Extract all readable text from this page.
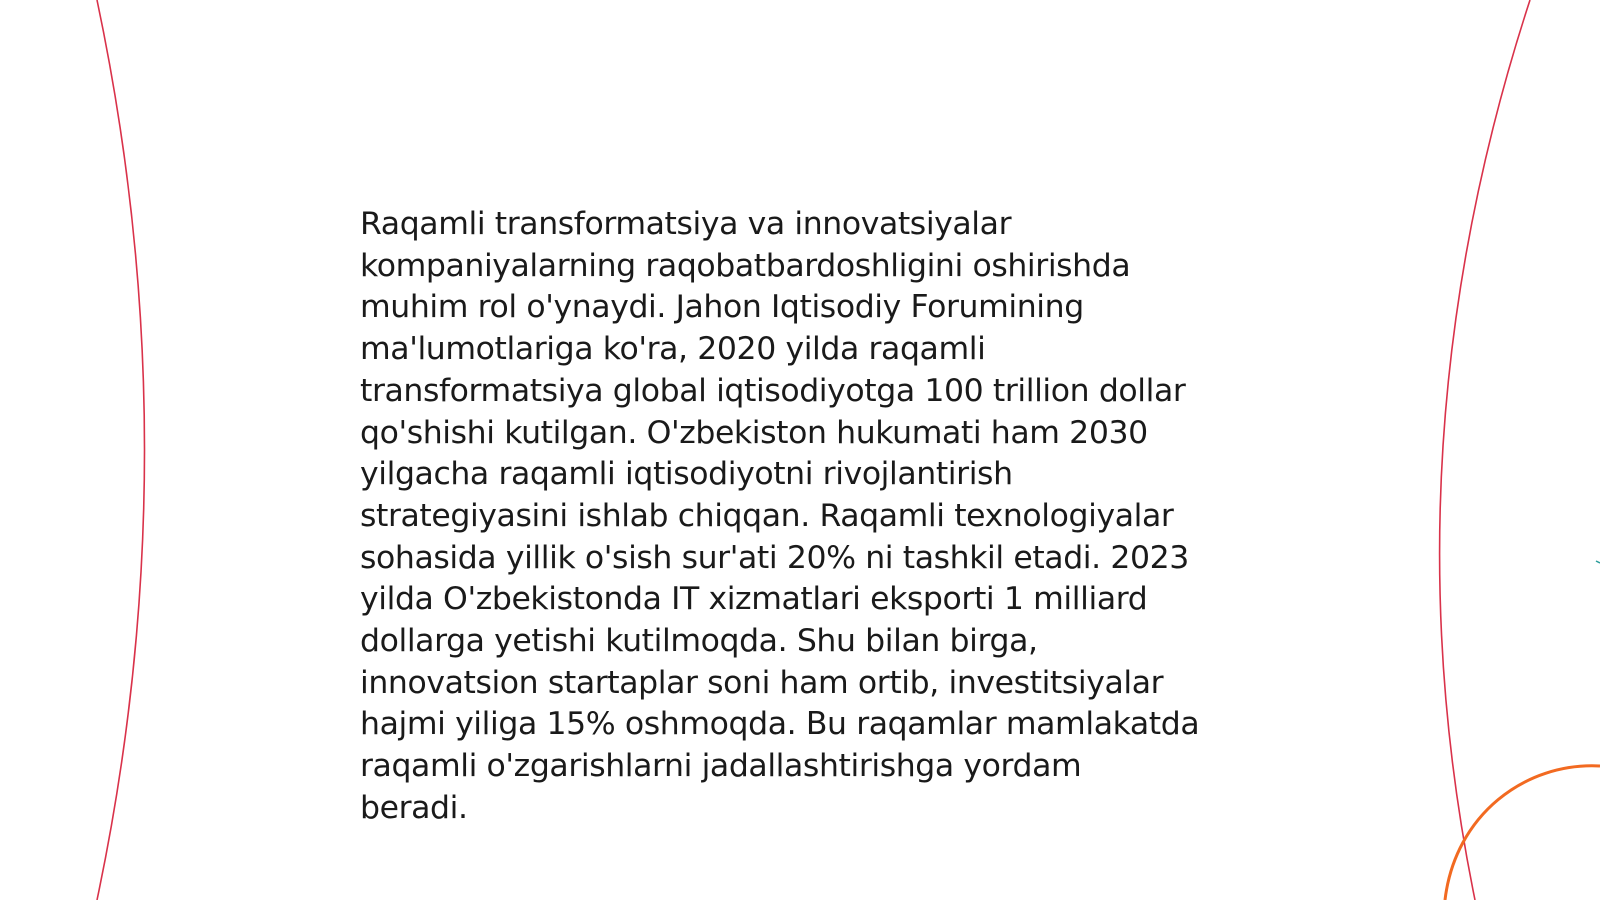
Raqamli transformatsiya va innovatsiyalar
kompaniyalarning raqobatbardoshligini oshirishda
muhim rol o'ynaydi. Jahon Iqtisodiy Forumining
ma'lumotlariga ko'ra, 2020 yilda raqamli
transformatsiya global iqtisodiyotga 100 trillion dollar
qo'shishi kutilgan. O'zbekiston hukumati ham 2030
yilgacha raqamli iqtisodiyotni rivojlantirish
strategiyasini ishlab chiqqan. Raqamli texnologiyalar
sohasida yillik o'sish sur'ati 20% ni tashkil etadi. 2023
yilda O'zbekistonda IT xizmatlari eksporti 1 milliard
dollarga yetishi kutilmoqda. Shu bilan birga,
innovatsion startaplar soni ham ortib, investitsiyalar
hajmi yiliga 15% oshmoqda. Bu raqamlar mamlakatda
raqamli o'zgarishlarni jadallashtirishga yordam
beradi.
